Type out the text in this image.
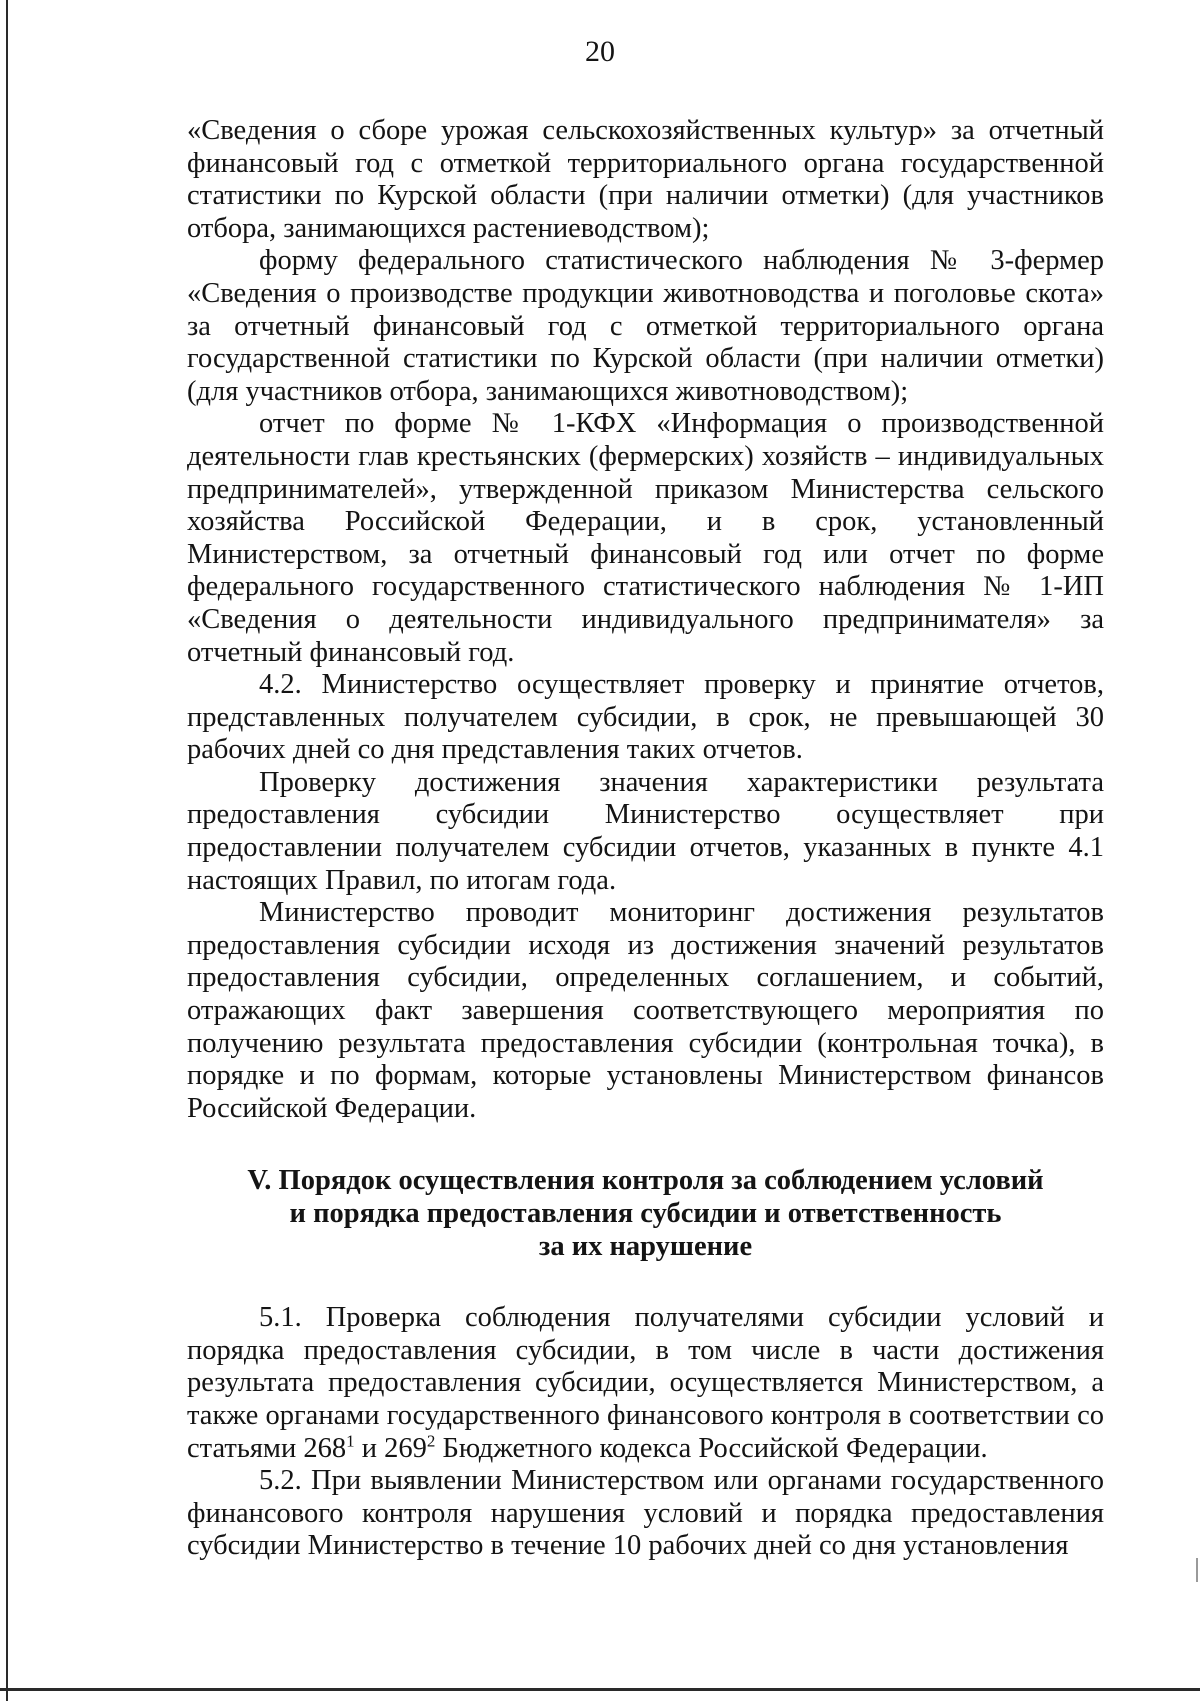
20

«Сведения о сборе урожая сельскохозяйственных культур» за отчетный финансовый год с отметкой территориального органа государственной статистики по Курской области (при наличии отметки) (для участников отбора, занимающихся растениеводством);

форму федерального статистического наблюдения № 3-фермер «Сведения о производстве продукции животноводства и поголовье скота» за отчетный финансовый год с отметкой территориального органа государственной статистики по Курской области (при наличии отметки) (для участников отбора, занимающихся животноводством);

отчет по форме № 1-КФХ «Информация о производственной деятельности глав крестьянских (фермерских) хозяйств – индивидуальных предпринимателей», утвержденной приказом Министерства сельского хозяйства Российской Федерации, и в срок, установленный Министерством, за отчетный финансовый год или отчет по форме федерального государственного статистического наблюдения № 1-ИП «Сведения о деятельности индивидуального предпринимателя» за отчетный финансовый год.

4.2. Министерство осуществляет проверку и принятие отчетов, представленных получателем субсидии, в срок, не превышающей 30 рабочих дней со дня представления таких отчетов.

Проверку достижения значения характеристики результата предоставления субсидии Министерство осуществляет при предоставлении получателем субсидии отчетов, указанных в пункте 4.1 настоящих Правил, по итогам года.

Министерство проводит мониторинг достижения результатов предоставления субсидии исходя из достижения значений результатов предоставления субсидии, определенных соглашением, и событий, отражающих факт завершения соответствующего мероприятия по получению результата предоставления субсидии (контрольная точка), в порядке и по формам, которые установлены Министерством финансов Российской Федерации.

V. Порядок осуществления контроля за соблюдением условий
и порядка предоставления субсидии и ответственность
за их нарушение

5.1. Проверка соблюдения получателями субсидии условий и порядка предоставления субсидии, в том числе в части достижения результата предоставления субсидии, осуществляется Министерством, а также органами государственного финансового контроля в соответствии со статьями $268^1$ и $269^2$ Бюджетного кодекса Российской Федерации.

5.2. При выявлении Министерством или органами государственного финансового контроля нарушения условий и порядка предоставления субсидии Министерство в течение 10 рабочих дней со дня установления
